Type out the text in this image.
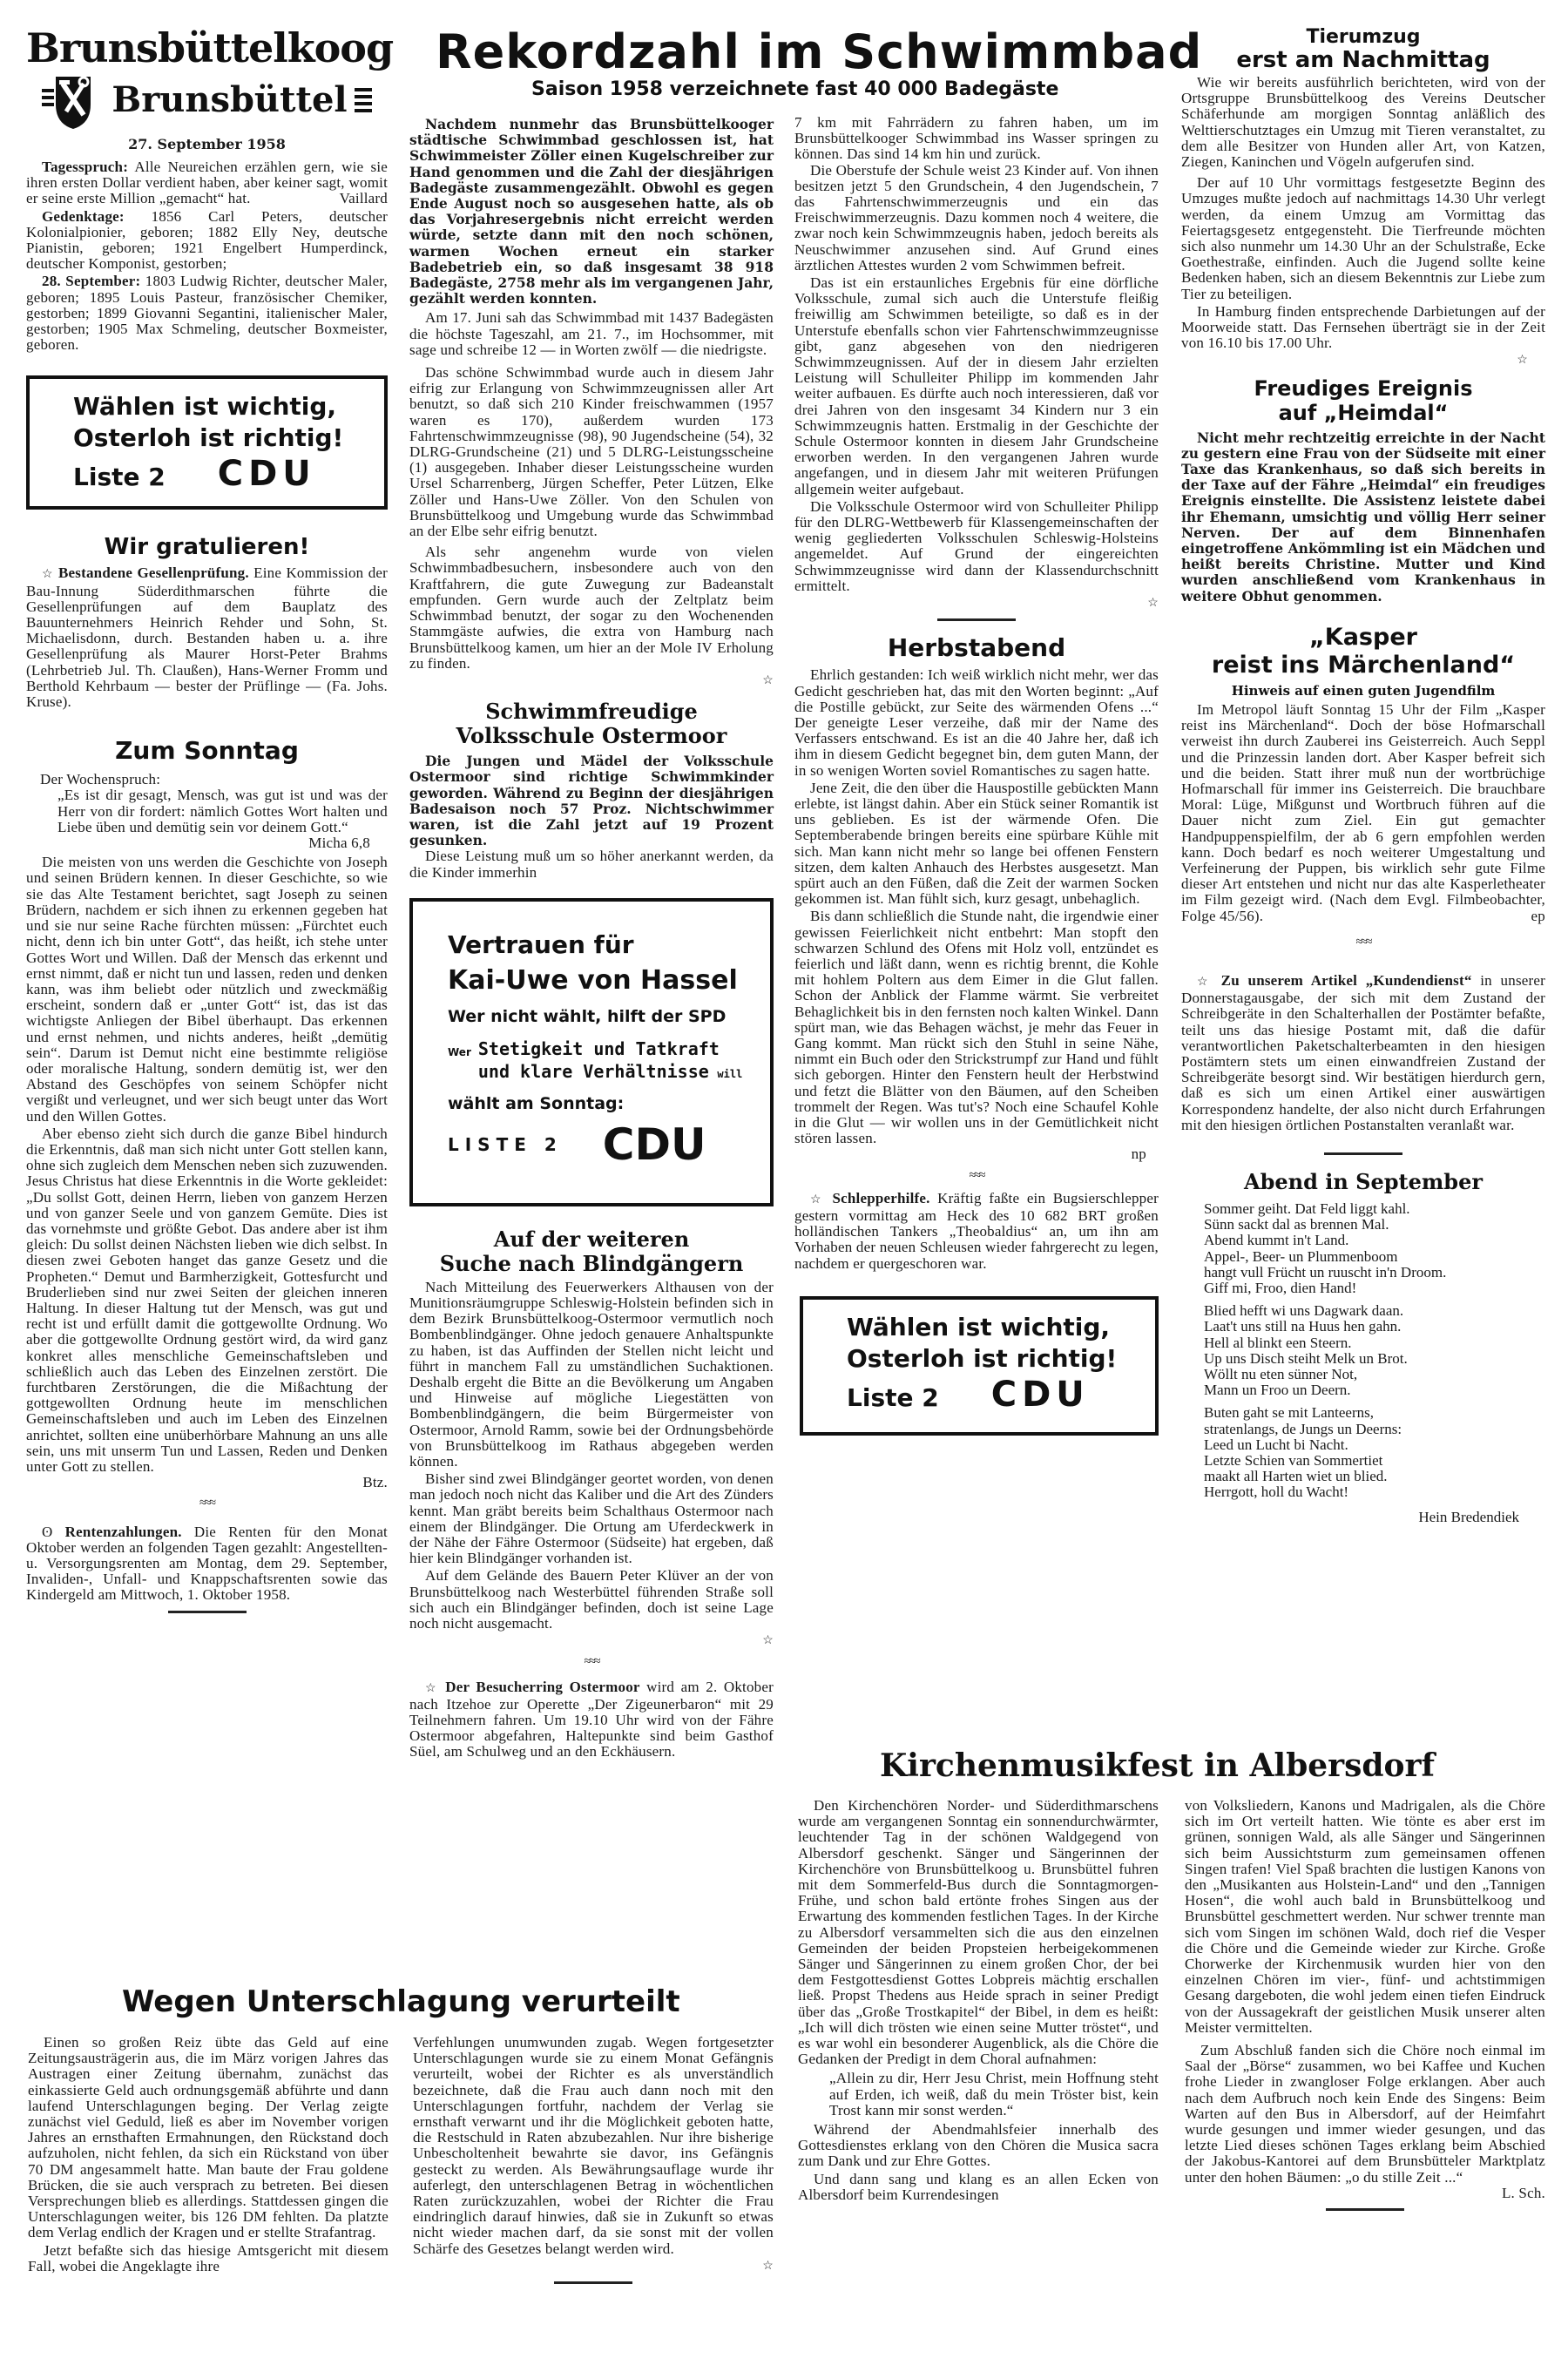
Brunsbüttelkoog
Brunsbüttel
27. September 1958

Tagesspruch: Alle Neureichen erzählen gern, wie sie ihren ersten Dollar verdient haben, aber keiner sagt, womit er seine erste Million „gemacht“ hat.	Vaillard

Gedenktage: 1856 Carl Peters, deutscher Kolonialpionier, geboren; 1882 Elly Ney, deutsche Pianistin, geboren; 1921 Engelbert Humperdinck, deutscher Komponist, gestorben;

28. September: 1803 Ludwig Richter, deutscher Maler, geboren; 1895 Louis Pasteur, französischer Chemiker, gestorben; 1899 Giovanni Segantini, italienischer Maler, gestorben; 1905 Max Schmeling, deutscher Boxmeister, geboren.

Wählen ist wichtig,
Osterloh ist richtig!
Liste 2 CDU
Wir gratulieren!

☆ Bestandene Gesellenprüfung. Eine Kommission der Bau-Innung Süderdithmarschen führte die Gesellenprüfungen auf dem Bauplatz des Bauunternehmers Heinrich Rehder und Sohn, St. Michaelisdonn, durch. Bestanden haben u. a. ihre Gesellenprüfung als Maurer Horst-Peter Brahms (Lehrbetrieb Jul. Th. Claußen), Hans-Werner Fromm und Berthold Kehrbaum — bester der Prüflinge — (Fa. Johs. Kruse).

Zum Sonntag
Der Wochenspruch:
„Es ist dir gesagt, Mensch, was gut ist und was der Herr von dir fordert: nämlich Gottes Wort halten und Liebe üben und demütig sein vor deinem Gott.“
Micha 6,8

Die meisten von uns werden die Geschichte von Joseph und seinen Brüdern kennen. In dieser Geschichte, so wie sie das Alte Testament berichtet, sagt Joseph zu seinen Brüdern, nachdem er sich ihnen zu erkennen gegeben hat und sie nur seine Rache fürchten müssen: „Fürchtet euch nicht, denn ich bin unter Gott“, das heißt, ich stehe unter Gottes Wort und Willen. Daß der Mensch das erkennt und ernst nimmt, daß er nicht tun und lassen, reden und denken kann, was ihm beliebt oder nützlich und zweckmäßig erscheint, sondern daß er „unter Gott“ ist, das ist das wichtigste Anliegen der Bibel überhaupt. Das erkennen und ernst nehmen, und nichts anderes, heißt „demütig sein“. Darum ist Demut nicht eine bestimmte religiöse oder moralische Haltung, sondern demütig ist, wer den Abstand des Geschöpfes von seinem Schöpfer nicht vergißt und verleugnet, und wer sich beugt unter das Wort und den Willen Gottes.

Aber ebenso zieht sich durch die ganze Bibel hindurch die Erkenntnis, daß man sich nicht unter Gott stellen kann, ohne sich zugleich dem Menschen neben sich zuzuwenden. Jesus Christus hat diese Erkenntnis in die Worte gekleidet: „Du sollst Gott, deinen Herrn, lieben von ganzem Herzen und von ganzer Seele und von ganzem Gemüte. Dies ist das vornehmste und größte Gebot. Das andere aber ist ihm gleich: Du sollst deinen Nächsten lieben wie dich selbst. In diesen zwei Geboten hanget das ganze Gesetz und die Propheten.“ Demut und Barmherzigkeit, Gottesfurcht und Bruderlieben sind nur zwei Seiten der gleichen inneren Haltung. In dieser Haltung tut der Mensch, was gut und recht ist und erfüllt damit die gottgewollte Ordnung. Wo aber die gottgewollte Ordnung gestört wird, da wird ganz konkret alles menschliche Gemeinschaftsleben und schließlich auch das Leben des Einzelnen zerstört. Die furchtbaren Zerstörungen, die die Mißachtung der gottgewollten Ordnung heute im menschlichen Gemeinschaftsleben und auch im Leben des Einzelnen anrichtet, sollten eine unüberhörbare Mahnung an uns alle sein, uns mit unserm Tun und Lassen, Reden und Denken unter Gott zu stellen.

Btz.
≈≈≈

ʘ Rentenzahlungen. Die Renten für den Monat Oktober werden an folgenden Tagen gezahlt: Angestellten- u. Versorgungsrenten am Montag, dem 29. September, Invaliden-, Unfall- und Knappschaftsrenten sowie das Kindergeld am Mittwoch, 1. Oktober 1958.

Rekordzahl im Schwimmbad
Saison 1958 verzeichnete fast 40 000 Badegäste

Nachdem nunmehr das Brunsbüttelkooger städtische Schwimmbad geschlossen ist, hat Schwimmeister Zöller einen Kugelschreiber zur Hand genommen und die Zahl der diesjährigen Badegäste zusammengezählt. Obwohl es gegen Ende August noch so ausgesehen hatte, als ob das Vorjahresergebnis nicht erreicht werden würde, setzte dann mit den noch schönen, warmen Wochen erneut ein starker Badebetrieb ein, so daß insgesamt 38 918 Badegäste, 2758 mehr als im vergangenen Jahr, gezählt werden konnten.

Am 17. Juni sah das Schwimmbad mit 1437 Badegästen die höchste Tageszahl, am 21. 7., im Hochsommer, mit sage und schreibe 12 — in Worten zwölf — die niedrigste.

Das schöne Schwimmbad wurde auch in diesem Jahr eifrig zur Erlangung von Schwimmzeugnissen aller Art benutzt, so daß sich 210 Kinder freischwammen (1957 waren es 170), außerdem wurden 173 Fahrtenschwimmzeugnisse (98), 90 Jugendscheine (54), 32 DLRG-Grundscheine (21) und 5 DLRG-Leistungsscheine (1) ausgegeben. Inhaber dieser Leistungsscheine wurden Ursel Scharrenberg, Jürgen Scheffer, Peter Lützen, Elke Zöller und Hans-Uwe Zöller. Von den Schulen von Brunsbüttelkoog und Umgebung wurde das Schwimmbad an der Elbe sehr eifrig benutzt.

Als sehr angenehm wurde von vielen Schwimmbadbesuchern, insbesondere auch von den Kraftfahrern, die gute Zuwegung zur Badeanstalt empfunden. Gern wurde auch der Zeltplatz beim Schwimmbad benutzt, der sogar zu den Wochenenden Stammgäste aufwies, die extra von Hamburg nach Brunsbüttelkoog kamen, um hier an der Mole IV Erholung zu finden.

☆
Schwimmfreudige
Volksschule Ostermoor

Die Jungen und Mädel der Volksschule Ostermoor sind richtige Schwimmkinder geworden. Während zu Beginn der diesjährigen Badesaison noch 57 Proz. Nichtschwimmer waren, ist die Zahl jetzt auf 19 Prozent gesunken.

Diese Leistung muß um so höher anerkannt werden, da die Kinder immerhin

Vertrauen für
Kai-Uwe von Hassel
Wer nicht wählt, hilft der SPD
Wer Stetigkeit und Tatkraft
und klare Verhältnisse will
wählt am Sonntag:
LISTE 2 CDU
Auf der weiteren
Suche nach Blindgängern

Nach Mitteilung des Feuerwerkers Althausen von der Munitionsräumgruppe Schleswig-Holstein befinden sich in dem Bezirk Brunsbüttelkoog-Ostermoor vermutlich noch Bombenblindgänger. Ohne jedoch genauere Anhaltspunkte zu haben, ist das Auffinden der Stellen nicht leicht und führt in manchem Fall zu umständlichen Suchaktionen. Deshalb ergeht die Bitte an die Bevölkerung um Angaben und Hinweise auf mögliche Liegestätten von Bombenblindgängern, die beim Bürgermeister von Ostermoor, Arnold Ramm, sowie bei der Ordnungsbehörde von Brunsbüttelkoog im Rathaus abgegeben werden können.

Bisher sind zwei Blindgänger geortet worden, von denen man jedoch noch nicht das Kaliber und die Art des Zünders kennt. Man gräbt bereits beim Schalthaus Ostermoor nach einem der Blindgänger. Die Ortung am Uferdeckwerk in der Nähe der Fähre Ostermoor (Südseite) hat ergeben, daß hier kein Blindgänger vorhanden ist.

Auf dem Gelände des Bauern Peter Klüver an der von Brunsbüttelkoog nach Westerbüttel führenden Straße soll sich auch ein Blindgänger befinden, doch ist seine Lage noch nicht ausgemacht.

☆
≈≈≈

☆ Der Besucherring Ostermoor wird am 2. Oktober nach Itzehoe zur Operette „Der Zigeunerbaron“ mit 29 Teilnehmern fahren. Um 19.10 Uhr wird von der Fähre Ostermoor abgefahren, Haltepunkte sind beim Gasthof Süel, am Schulweg und an den Eckhäusern.

7 km mit Fahrrädern zu fahren haben, um im Brunsbüttelkooger Schwimmbad ins Wasser springen zu können. Das sind 14 km hin und zurück.

Die Oberstufe der Schule weist 23 Kinder auf. Von ihnen besitzen jetzt 5 den Grundschein, 4 den Jugendschein, 7 das Fahrtenschwimmerzeugnis und ein das Freischwimmerzeugnis. Dazu kommen noch 4 weitere, die zwar noch kein Schwimmzeugnis haben, jedoch bereits als Neuschwimmer anzusehen sind. Auf Grund eines ärztlichen Attestes wurden 2 vom Schwimmen befreit.

Das ist ein erstaunliches Ergebnis für eine dörfliche Volksschule, zumal sich auch die Unterstufe fleißig freiwillig am Schwimmen beteiligte, so daß es in der Unterstufe ebenfalls schon vier Fahrtenschwimmzeugnisse gibt, ganz abgesehen von den niedrigeren Schwimmzeugnissen. Auf der in diesem Jahr erzielten Leistung will Schulleiter Philipp im kommenden Jahr weiter aufbauen. Es dürfte auch noch interessieren, daß vor drei Jahren von den insgesamt 34 Kindern nur 3 ein Schwimmzeugnis hatten. Erstmalig in der Geschichte der Schule Ostermoor konnten in diesem Jahr Grundscheine erworben werden. In den vergangenen Jahren wurde angefangen, und in diesem Jahr mit weiteren Prüfungen allgemein weiter aufgebaut.

Die Volksschule Ostermoor wird von Schulleiter Philipp für den DLRG-Wettbewerb für Klassengemeinschaften der wenig gegliederten Volksschulen Schleswig-Holsteins angemeldet. Auf Grund der eingereichten Schwimmzeugnisse wird dann der Klassendurchschnitt ermittelt.

☆
Herbstabend

Ehrlich gestanden: Ich weiß wirklich nicht mehr, wer das Gedicht geschrieben hat, das mit den Worten beginnt: „Auf die Postille gebückt, zur Seite des wärmenden Ofens ...“ Der geneigte Leser verzeihe, daß mir der Name des Verfassers entschwand. Es ist an die 40 Jahre her, daß ich ihm in diesem Gedicht begegnet bin, dem guten Mann, der in so wenigen Worten soviel Romantisches zu sagen hatte.

Jene Zeit, die den über die Hauspostille gebückten Mann erlebte, ist längst dahin. Aber ein Stück seiner Romantik ist uns geblieben. Es ist der wärmende Ofen. Die Septemberabende bringen bereits eine spürbare Kühle mit sich. Man kann nicht mehr so lange bei offenen Fenstern sitzen, dem kalten Anhauch des Herbstes ausgesetzt. Man spürt auch an den Füßen, daß die Zeit der warmen Socken gekommen ist. Man fühlt sich, kurz gesagt, unbehaglich.

Bis dann schließlich die Stunde naht, die irgendwie einer gewissen Feierlichkeit nicht entbehrt: Man stopft den schwarzen Schlund des Ofens mit Holz voll, entzündet es feierlich und läßt dann, wenn es richtig brennt, die Kohle mit hohlem Poltern aus dem Eimer in die Glut fallen. Schon der Anblick der Flamme wärmt. Sie verbreitet Behaglichkeit bis in den fernsten noch kalten Winkel. Dann spürt man, wie das Behagen wächst, je mehr das Feuer in Gang kommt. Man rückt sich den Stuhl in seine Nähe, nimmt ein Buch oder den Strickstrumpf zur Hand und fühlt sich geborgen. Hinter den Fenstern heult der Herbstwind und fetzt die Blätter von den Bäumen, auf den Scheiben trommelt der Regen. Was tut's? Noch eine Schaufel Kohle in die Glut — wir wollen uns in der Gemütlichkeit nicht stören lassen.

np
≈≈≈

☆ Schlepperhilfe. Kräftig faßte ein Bugsierschlepper gestern vormittag am Heck des 10 682 BRT großen holländischen Tankers „Theobaldius“ an, um ihn am Vorhaben der neuen Schleusen wieder fahrgerecht zu legen, nachdem er quergeschoren war.

Wählen ist wichtig,
Osterloh ist richtig!
Liste 2 CDU
Tierumzug
erst am Nachmittag

Wie wir bereits ausführlich berichteten, wird von der Ortsgruppe Brunsbüttelkoog des Vereins Deutscher Schäferhunde am morgigen Sonntag anläßlich des Welttierschutztages ein Umzug mit Tieren veranstaltet, zu dem alle Besitzer von Hunden aller Art, von Katzen, Ziegen, Kaninchen und Vögeln aufgerufen sind.

Der auf 10 Uhr vormittags festgesetzte Beginn des Umzuges mußte jedoch auf nachmittags 14.30 Uhr verlegt werden, da einem Umzug am Vormittag das Feiertagsgesetz entgegensteht. Die Tierfreunde möchten sich also nunmehr um 14.30 Uhr an der Schulstraße, Ecke Goethestraße, einfinden. Auch die Jugend sollte keine Bedenken haben, sich an diesem Bekenntnis zur Liebe zum Tier zu beteiligen.

In Hamburg finden entsprechende Darbietungen auf der Moorweide statt. Das Fernsehen überträgt sie in der Zeit von 16.10 bis 17.00 Uhr.

☆
Freudiges Ereignis
auf „Heimdal“

Nicht mehr rechtzeitig erreichte in der Nacht zu gestern eine Frau von der Südseite mit einer Taxe das Krankenhaus, so daß sich bereits in der Taxe auf der Fähre „Heimdal“ ein freudiges Ereignis einstellte. Die Assistenz leistete dabei ihr Ehemann, umsichtig und völlig Herr seiner Nerven. Der auf dem Binnenhafen eingetroffene Ankömmling ist ein Mädchen und heißt bereits Christine. Mutter und Kind wurden anschließend vom Krankenhaus in weitere Obhut genommen.

„Kasper
reist ins Märchenland“
Hinweis auf einen guten Jugendfilm

Im Metropol läuft Sonntag 15 Uhr der Film „Kasper reist ins Märchenland“. Doch der böse Hofmarschall verweist ihn durch Zauberei ins Geisterreich. Auch Seppl und die Prinzessin landen dort. Aber Kasper befreit sich und die beiden. Statt ihrer muß nun der wortbrüchige Hofmarschall für immer ins Geisterreich. Die brauchbare Moral: Lüge, Mißgunst und Wortbruch führen auf die Dauer nicht zum Ziel. Ein gut gemachter Handpuppenspielfilm, der ab 6 gern empfohlen werden kann. Doch bedarf es noch weiterer Umgestaltung und Verfeinerung der Puppen, bis wirklich sehr gute Filme dieser Art entstehen und nicht nur das alte Kasperletheater im Film gezeigt wird. (Nach dem Evgl. Filmbeobachter, Folge 45/56).	ep

≈≈≈

☆ Zu unserem Artikel „Kundendienst“ in unserer Donnerstagausgabe, der sich mit dem Zustand der Schreibgeräte in den Schalterhallen der Postämter befaßte, teilt uns das hiesige Postamt mit, daß die dafür verantwortlichen Paketschalterbeamten in den hiesigen Postämtern stets um einen einwandfreien Zustand der Schreibgeräte besorgt sind. Wir bestätigen hierdurch gern, daß es sich um einen Artikel einer auswärtigen Korrespondenz handelte, der also nicht durch Erfahrungen mit den hiesigen örtlichen Postanstalten veranlaßt war.

Abend in September
Sommer geiht. Dat Feld liggt kahl.
Sünn sackt dal as brennen Mal.
Abend kummt in't Land.
Appel-, Beer- un Plummenboom
hangt vull Frücht un ruuscht in'n Droom.
Giff mi, Froo, dien Hand!
Blied hefft wi uns Dagwark daan.
Laat't uns still na Huus hen gahn.
Hell al blinkt een Steern.
Up uns Disch steiht Melk un Brot.
Wöllt nu eten sünner Not,
Mann un Froo un Deern.
Buten gaht se mit Lanteerns,
stratenlangs, de Jungs un Deerns:
Leed un Lucht bi Nacht.
Letzte Schien van Sommertiet
maakt all Harten wiet un blied.
Herrgott, holl du Wacht!
Hein Bredendiek
Kirchenmusikfest in Albersdorf

Den Kirchenchören Norder- und Süderdithmarschens wurde am vergangenen Sonntag ein sonnendurchwärmter, leuchtender Tag in der schönen Waldgegend von Albersdorf geschenkt. Sänger und Sängerinnen der Kirchenchöre von Brunsbüttelkoog u. Brunsbüttel fuhren mit dem Sommerfeld-Bus durch die Sonntagmorgen-Frühe, und schon bald ertönte frohes Singen aus der Erwartung des kommenden festlichen Tages. In der Kirche zu Albersdorf versammelten sich die aus den einzelnen Gemeinden der beiden Propsteien herbeigekommenen Sänger und Sängerinnen zu einem großen Chor, der bei dem Festgottesdienst Gottes Lobpreis mächtig erschallen ließ. Propst Thedens aus Heide sprach in seiner Predigt über das „Große Trostkapitel“ der Bibel, in dem es heißt: „Ich will dich trösten wie einen seine Mutter tröstet“, und es war wohl ein besonderer Augenblick, als die Chöre die Gedanken der Predigt in dem Choral aufnahmen:

„Allein zu dir, Herr Jesu Christ, mein Hoffnung steht auf Erden, ich weiß, daß du mein Tröster bist, kein Trost kann mir sonst werden.“

Während der Abendmahlsfeier innerhalb des Gottesdienstes erklang von den Chören die Musica sacra zum Dank und zur Ehre Gottes.

Und dann sang und klang es an allen Ecken von Albersdorf beim Kurrendesingen

von Volksliedern, Kanons und Madrigalen, als die Chöre sich im Ort verteilt hatten. Wie tönte es aber erst im grünen, sonnigen Wald, als alle Sänger und Sängerinnen sich beim Aussichtsturm zum gemeinsamen offenen Singen trafen! Viel Spaß brachten die lustigen Kanons von den „Musikanten aus Holstein-Land“ und den „Tannigen Hosen“, die wohl auch bald in Brunsbüttelkoog und Brunsbüttel geschmettert werden. Nur schwer trennte man sich vom Singen im schönen Wald, doch rief die Vesper die Chöre und die Gemeinde wieder zur Kirche. Große Chorwerke der Kirchenmusik wurden hier von den einzelnen Chören im vier-, fünf- und achtstimmigen Gesang dargeboten, die wohl jedem einen tiefen Eindruck von der Aussagekraft der geistlichen Musik unserer alten Meister vermittelten.

Zum Abschluß fanden sich die Chöre noch einmal im Saal der „Börse“ zusammen, wo bei Kaffee und Kuchen frohe Lieder in zwangloser Folge erklangen. Aber auch nach dem Aufbruch noch kein Ende des Singens: Beim Warten auf den Bus in Albersdorf, auf der Heimfahrt wurde gesungen und immer wieder gesungen, und das letzte Lied dieses schönen Tages erklang beim Abschied der Jakobus-Kantorei auf dem Brunsbütteler Marktplatz unter den hohen Bäumen: „o du stille Zeit ...“

L. Sch.
Wegen Unterschlagung verurteilt

Einen so großen Reiz übte das Geld auf eine Zeitungsausträgerin aus, die im März vorigen Jahres das Austragen einer Zeitung übernahm, zunächst das einkassierte Geld auch ordnungsgemäß abführte und dann laufend Unterschlagungen beging. Der Verlag zeigte zunächst viel Geduld, ließ es aber im November vorigen Jahres an ernsthaften Ermahnungen, den Rückstand doch aufzuholen, nicht fehlen, da sich ein Rückstand von über 70 DM angesammelt hatte. Man baute der Frau goldene Brücken, die sie auch versprach zu betreten. Bei diesen Versprechungen blieb es allerdings. Stattdessen gingen die Unterschlagungen weiter, bis 126 DM fehlten. Da platzte dem Verlag endlich der Kragen und er stellte Strafantrag.

Jetzt befaßte sich das hiesige Amtsgericht mit diesem Fall, wobei die Angeklagte ihre

Verfehlungen unumwunden zugab. Wegen fortgesetzter Unterschlagungen wurde sie zu einem Monat Gefängnis verurteilt, wobei der Richter es als unverständlich bezeichnete, daß die Frau auch dann noch mit den Unterschlagungen fortfuhr, nachdem der Verlag sie ernsthaft verwarnt und ihr die Möglichkeit geboten hatte, die Restschuld in Raten abzubezahlen. Nur ihre bisherige Unbescholtenheit bewahrte sie davor, ins Gefängnis gesteckt zu werden. Als Bewährungsauflage wurde ihr auferlegt, den unterschlagenen Betrag in wöchentlichen Raten zurückzuzahlen, wobei der Richter die Frau eindringlich darauf hinwies, daß sie in Zukunft so etwas nicht wieder machen darf, da sie sonst mit der vollen Schärfe des Gesetzes belangt werden wird.
☆
